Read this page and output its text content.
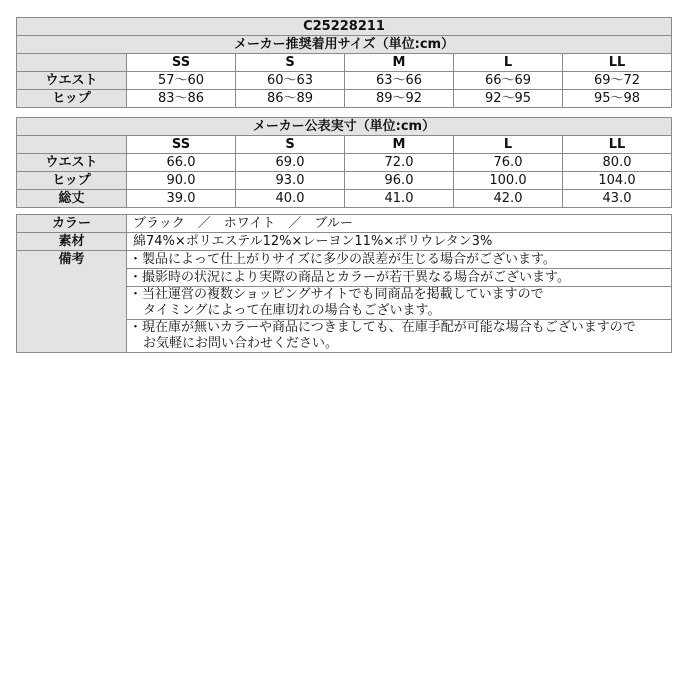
C25228211					
メーカー推奨着用サイズ（単位:cm）					
	SS	S	M	L	LL
ウエスト	57～60	60～63	63～66	66～69	69～72
ヒップ	83～86	86～89	89～92	92～95	95～98
メーカー公表実寸（単位:cm）					
	SS	S	M	L	LL
ウエスト	66.0	69.0	72.0	76.0	80.0
ヒップ	90.0	93.0	96.0	100.0	104.0
総丈	39.0	40.0	41.0	42.0	43.0
カラー	ブラック　／　ホワイト　／　ブルー
素材	綿74%×ポリエステル12%×レーヨン11%×ポリウレタン3%
備考	・製品によって仕上がりサイズに多少の誤差が生じる場合がございます。

	・撮影時の状況により実際の商品とカラーが若干異なる場合がございます。

	・当社運営の複数ショッピングサイトでも同商品を掲載していますので
タイミングによって在庫切れの場合もございます。

	・現在庫が無いカラーや商品につきましても、在庫手配が可能な場合もございますので
お気軽にお問い合わせください。
